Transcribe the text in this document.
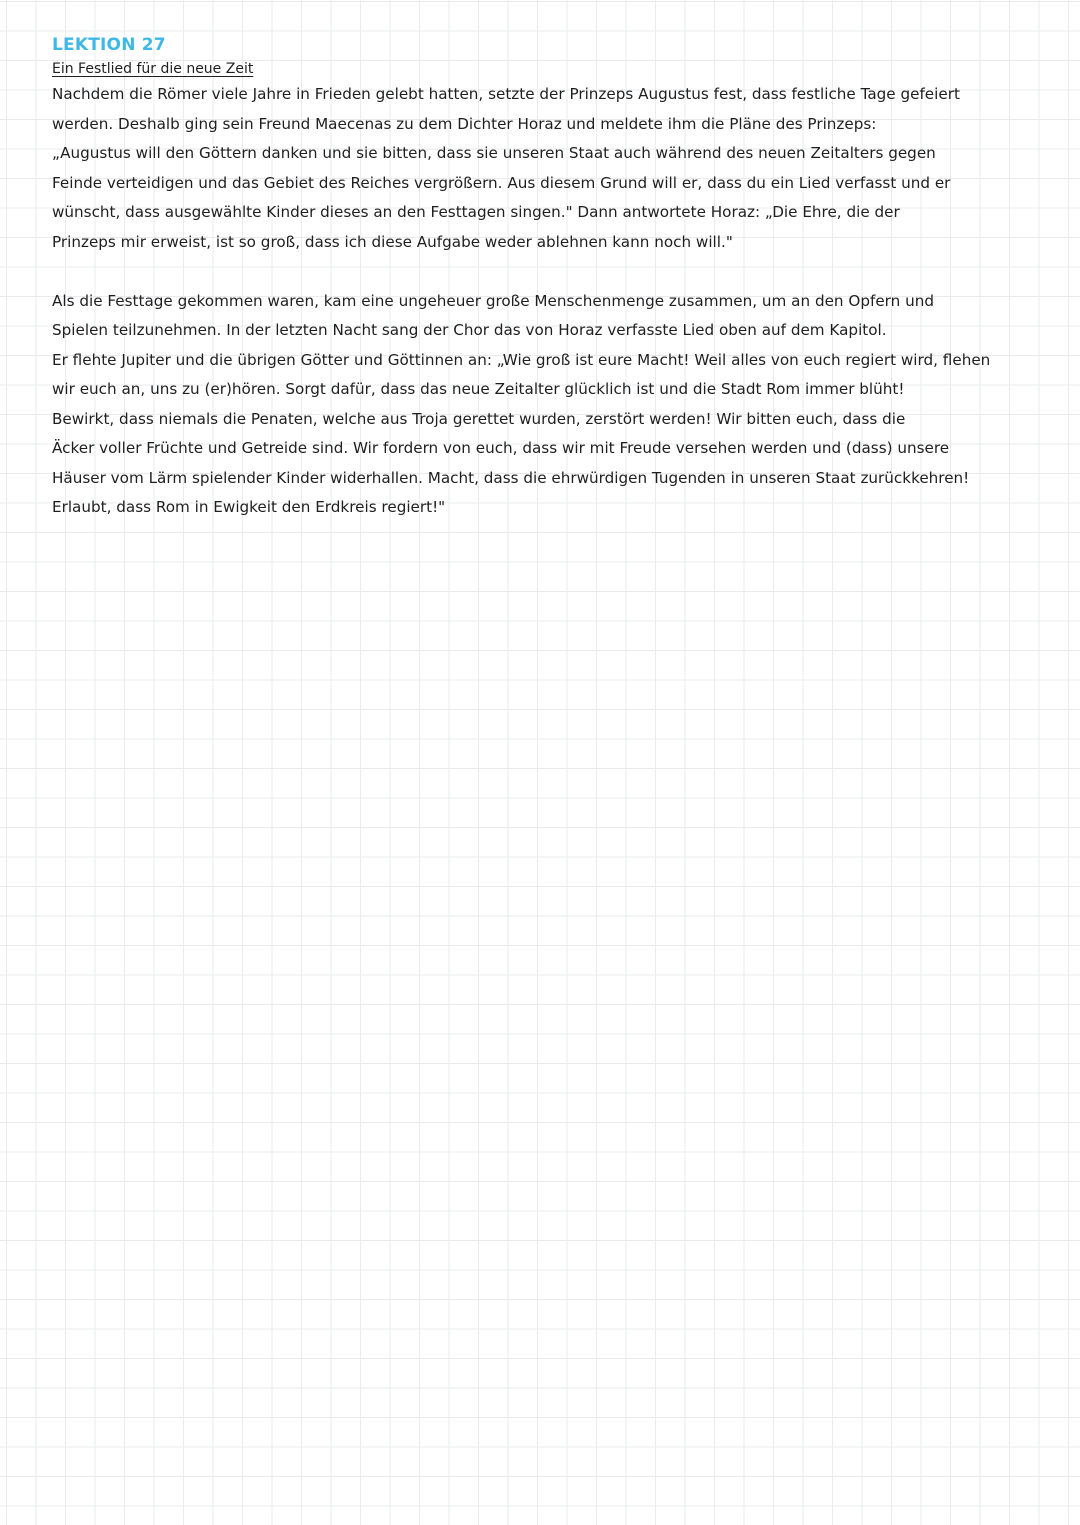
LEKTION 27
Ein Festlied für die neue Zeit
Nachdem die Römer viele Jahre in Frieden gelebt hatten, setzte der Prinzeps Augustus fest, dass festliche Tage gefeiert
werden. Deshalb ging sein Freund Maecenas zu dem Dichter Horaz und meldete ihm die Pläne des Prinzeps:
„Augustus will den Göttern danken und sie bitten, dass sie unseren Staat auch während des neuen Zeitalters gegen
Feinde verteidigen und das Gebiet des Reiches vergrößern. Aus diesem Grund will er, dass du ein Lied verfasst und er
wünscht, dass ausgewählte Kinder dieses an den Festtagen singen." Dann antwortete Horaz: „Die Ehre, die der
Prinzeps mir erweist, ist so groß, dass ich diese Aufgabe weder ablehnen kann noch will."
Als die Festtage gekommen waren, kam eine ungeheuer große Menschenmenge zusammen, um an den Opfern und
Spielen teilzunehmen. In der letzten Nacht sang der Chor das von Horaz verfasste Lied oben auf dem Kapitol.
Er flehte Jupiter und die übrigen Götter und Göttinnen an: „Wie groß ist eure Macht! Weil alles von euch regiert wird, flehen
wir euch an, uns zu (er)hören. Sorgt dafür, dass das neue Zeitalter glücklich ist und die Stadt Rom immer blüht!
Bewirkt, dass niemals die Penaten, welche aus Troja gerettet wurden, zerstört werden! Wir bitten euch, dass die
Äcker voller Früchte und Getreide sind. Wir fordern von euch, dass wir mit Freude versehen werden und (dass) unsere
Häuser vom Lärm spielender Kinder widerhallen. Macht, dass die ehrwürdigen Tugenden in unseren Staat zurückkehren!
Erlaubt, dass Rom in Ewigkeit den Erdkreis regiert!"
